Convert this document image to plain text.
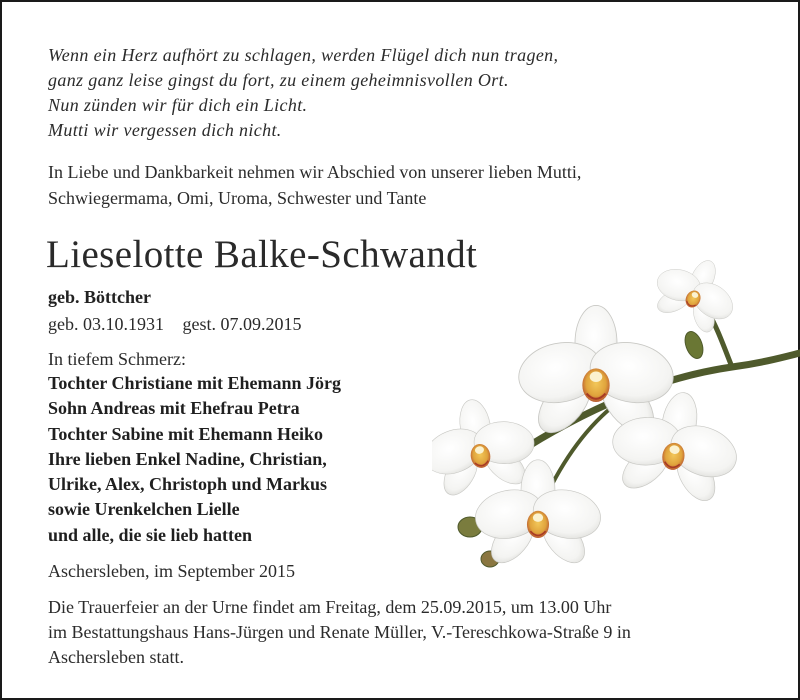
Wenn ein Herz aufhört zu schlagen, werden Flügel dich nun tragen,
ganz ganz leise gingst du fort, zu einem geheimnisvollen Ort.
Nun zünden wir für dich ein Licht.
Mutti wir vergessen dich nicht.
In Liebe und Dankbarkeit nehmen wir Abschied von unserer lieben Mutti,
Schwiegermama, Omi, Uroma, Schwester und Tante
Lieselotte Balke-Schwandt
geb. Böttcher
geb. 03.10.1931 gest. 07.09.2015
In tiefem Schmerz:
Tochter Christiane mit Ehemann Jörg
Sohn Andreas mit Ehefrau Petra
Tochter Sabine mit Ehemann Heiko
Ihre lieben Enkel Nadine, Christian,
Ulrike, Alex, Christoph und Markus
sowie Urenkelchen Lielle
und alle, die sie lieb hatten
Aschersleben, im September 2015
Die Trauerfeier an der Urne findet am Freitag, dem 25.09.2015, um 13.00 Uhr
im Bestattungshaus Hans-Jürgen und Renate Müller, V.-Tereschkowa-Straße 9 in
Aschersleben statt.
